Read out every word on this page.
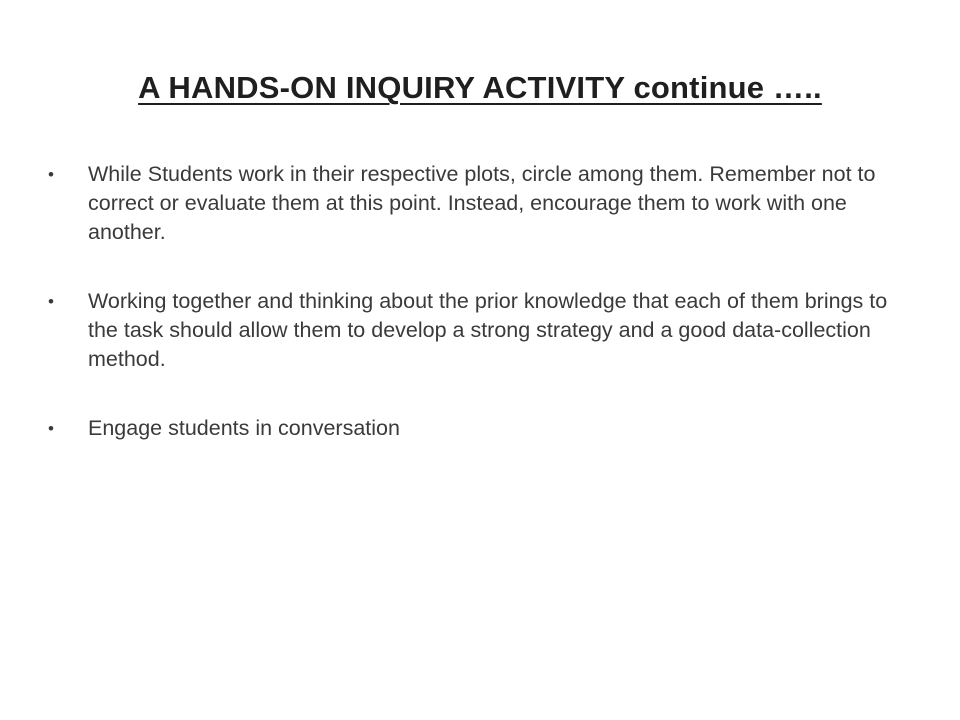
A HANDS-ON INQUIRY ACTIVITY continue …..
•	While Students work in their respective plots, circle among them. Remember not to correct or evaluate them at this point. Instead, encourage them to work with one another.
•	Working together and thinking about the prior knowledge that each of them brings to the task should allow them to develop a strong strategy and a good data-collection method.
•	Engage students in conversation
